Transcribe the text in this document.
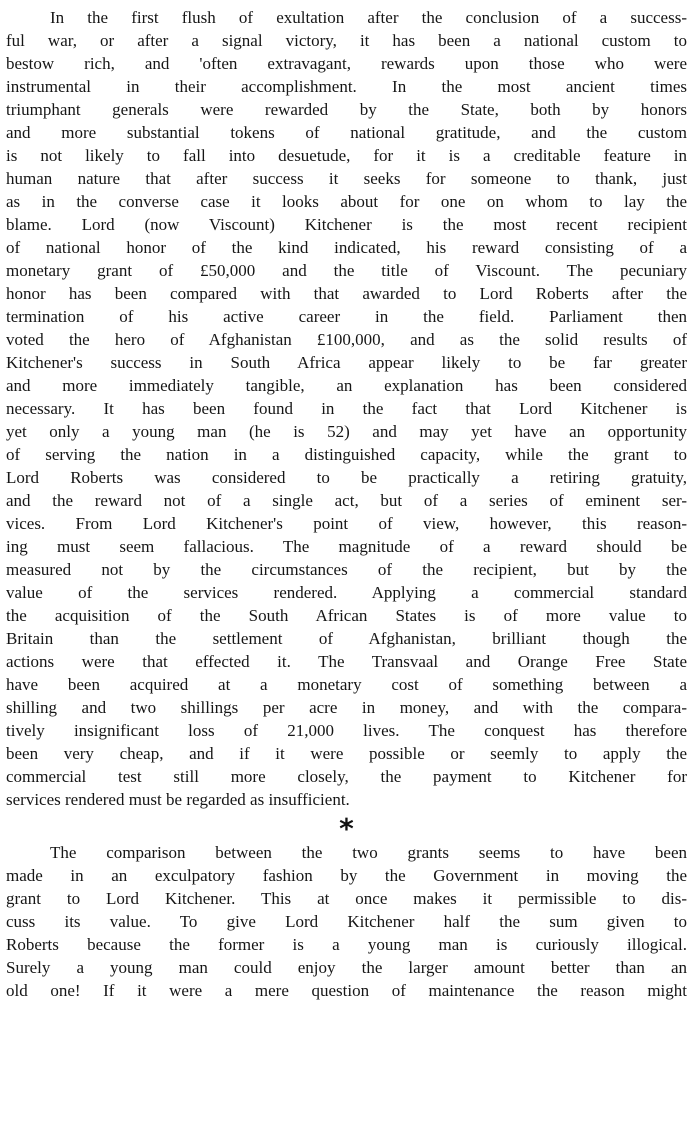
In the first flush of exultation after the conclusion of a success-
ful war, or after a signal victory, it has been a national custom to
bestow rich, and 'often extravagant, rewards upon those who were
instrumental in their accomplishment. In the most ancient times
triumphant generals were rewarded by the State, both by honors
and more substantial tokens of national gratitude, and the custom
is not likely to fall into desuetude, for it is a creditable feature in
human nature that after success it seeks for someone to thank, just
as in the converse case it looks about for one on whom to lay the
blame. Lord (now Viscount) Kitchener is the most recent recipient
of national honor of the kind indicated, his reward consisting of a
monetary grant of £50,000 and the title of Viscount. The pecuniary
honor has been compared with that awarded to Lord Roberts after the
termination of his active career in the field. Parliament then
voted the hero of Afghanistan £100,000, and as the solid results of
Kitchener's success in South Africa appear likely to be far greater
and more immediately tangible, an explanation has been considered
necessary. It has been found in the fact that Lord Kitchener is
yet only a young man (he is 52) and may yet have an opportunity
of serving the nation in a distinguished capacity, while the grant to
Lord Roberts was considered to be practically a retiring gratuity,
and the reward not of a single act, but of a series of eminent ser-
vices. From Lord Kitchener's point of view, however, this reason-
ing must seem fallacious. The magnitude of a reward should be
measured not by the circumstances of the recipient, but by the
value of the services rendered. Applying a commercial standard
the acquisition of the South African States is of more value to
Britain than the settlement of Afghanistan, brilliant though the
actions were that effected it. The Transvaal and Orange Free State
have been acquired at a monetary cost of something between a
shilling and two shillings per acre in money, and with the compara-
tively insignificant loss of 21,000 lives. The conquest has therefore
been very cheap, and if it were possible or seemly to apply the
commercial test still more closely, the payment to Kitchener for
services rendered must be regarded as insufficient.
*
The comparison between the two grants seems to have been
made in an exculpatory fashion by the Government in moving the
grant to Lord Kitchener. This at once makes it permissible to dis-
cuss its value. To give Lord Kitchener half the sum given to
Roberts because the former is a young man is curiously illogical.
Surely a young man could enjoy the larger amount better than an
old one! If it were a mere question of maintenance the reason might
